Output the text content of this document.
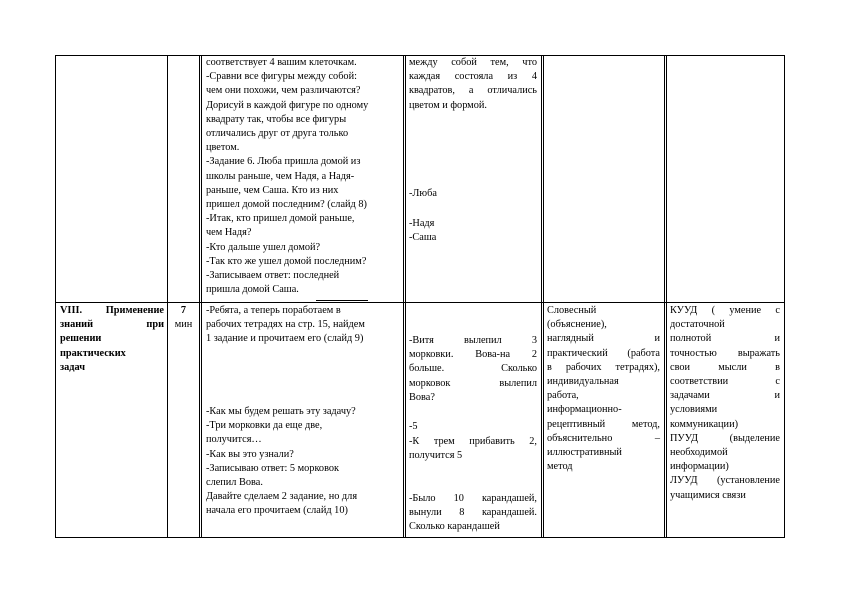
соответствует 4 вашим клеточкам.

-Сравни все фигуры между собой:

чем они похожи, чем различаются?

Дорисуй в каждой фигуре по одному

квадрату так, чтобы все фигуры

отличались друг от друга только

цветом.

-Задание 6. Люба пришла домой из

школы раньше, чем Надя, а Надя-

раньше, чем Саша. Кто из них

пришел домой последним? (слайд 8)

-Итак, кто пришел домой раньше,

чем Надя?

-Кто дальше ушел домой?

-Так кто же ушел домой последним?

-Записываем ответ: последней

пришла домой Саша.

между собой тем, что

каждая состояла из 4

квадратов, а отличались

цветом и формой.

-Люба

-Надя

-Саша

VIII. Применение

знаний при

решении

практических

задач

7

мин

-Ребята, а теперь поработаем в

рабочих тетрадях на стр. 15, найдем

1 задание и прочитаем его (слайд 9)

-Как мы будем решать эту задачу?

-Три морковки да еще две,

получится…

-Как вы это узнали?

-Записываю ответ: 5 морковок

слепил Вова.

Давайте сделаем 2 задание, но для

начала его прочитаем (слайд 10)

-Витя вылепил 3

морковки. Вова-на 2

больше. Сколько

морковок вылепил

Вова?

-5

-К трем прибавить 2,

получится 5

-Было 10 карандашей,

вынули 8 карандашей.

Сколько карандашей

Словесный

(объяснение),

наглядный и

практический (работа

в рабочих тетрадях),

индивидуальная

работа,

информационно-

рецептивный метод,

объяснительно –

иллюстративный

метод

КУУД ( умение с

достаточной

полнотой и

точностью выражать

свои мысли в

соответствии с

задачами и

условиями

коммуникации)

ПУУД (выделение

необходимой

информации)

ЛУУД (установление

учащимися связи
